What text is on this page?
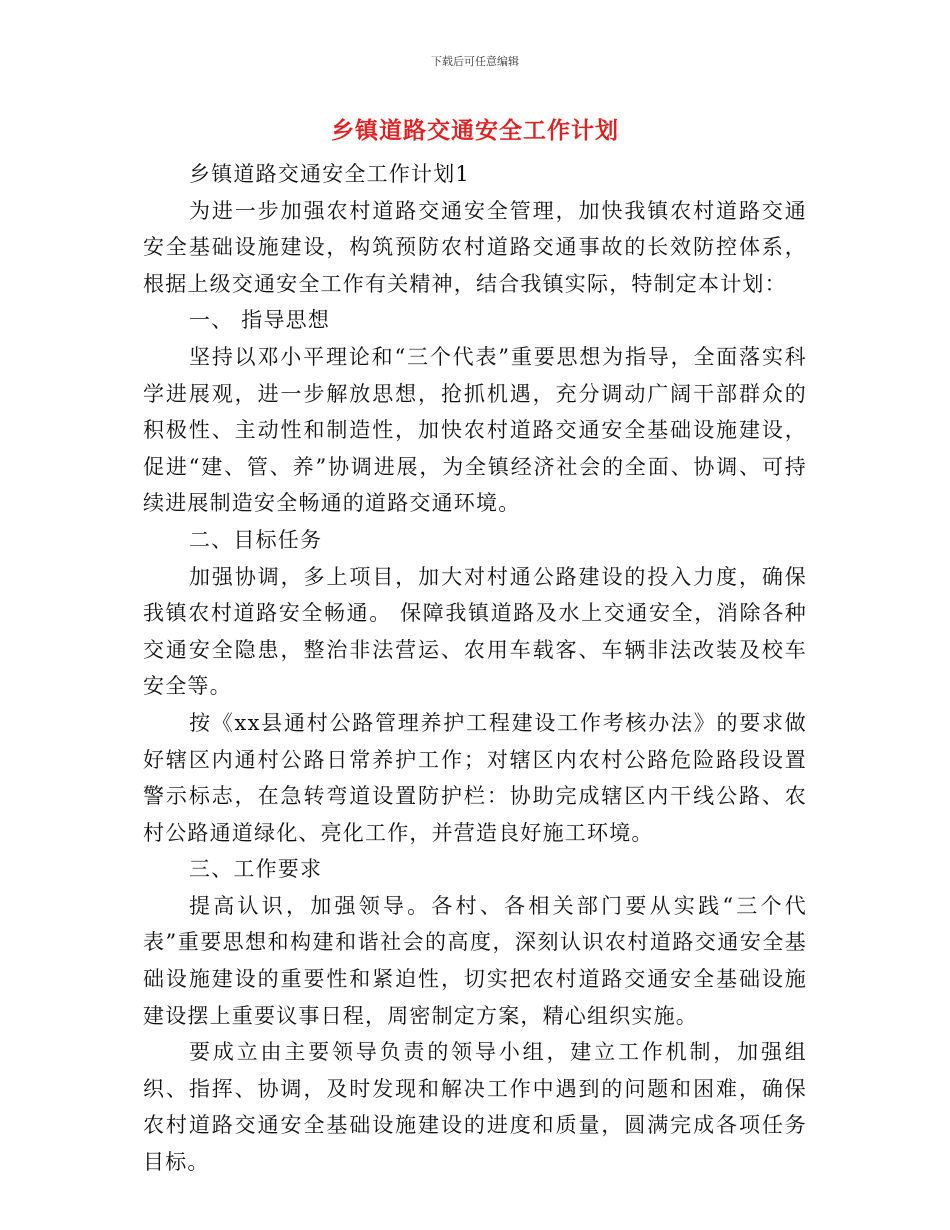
下载后可任意编辑
乡镇道路交通安全工作计划

乡镇道路交通安全工作计划1

为进一步加强农村道路交通安全管理，加快我镇农村道路交通安全基础设施建设，构筑预防农村道路交通事故的长效防控体系，根据上级交通安全工作有关精神，结合我镇实际，特制定本计划：

一、 指导思想

坚持以邓小平理论和“三个代表”重要思想为指导，全面落实科学进展观，进一步解放思想，抢抓机遇，充分调动广阔干部群众的积极性、主动性和制造性，加快农村道路交通安全基础设施建设，促进“建、管、养”协调进展，为全镇经济社会的全面、协调、可持续进展制造安全畅通的道路交通环境。

二、目标任务

加强协调，多上项目，加大对村通公路建设的投入力度，确保我镇农村道路安全畅通。 保障我镇道路及水上交通安全，消除各种交通安全隐患，整治非法营运、农用车载客、车辆非法改装及校车安全等。

按《xx县通村公路管理养护工程建设工作考核办法》的要求做好辖区内通村公路日常养护工作；对辖区内农村公路危险路段设置警示标志，在急转弯道设置防护栏：协助完成辖区内干线公路、农村公路通道绿化、亮化工作，并营造良好施工环境。

三、工作要求

提高认识，加强领导。各村、各相关部门要从实践“三个代表”重要思想和构建和谐社会的高度，深刻认识农村道路交通安全基础设施建设的重要性和紧迫性，切实把农村道路交通安全基础设施建设摆上重要议事日程，周密制定方案，精心组织实施。

要成立由主要领导负责的领导小组，建立工作机制，加强组织、指挥、协调，及时发现和解决工作中遇到的问题和困难，确保农村道路交通安全基础设施建设的进度和质量，圆满完成各项任务目标。
